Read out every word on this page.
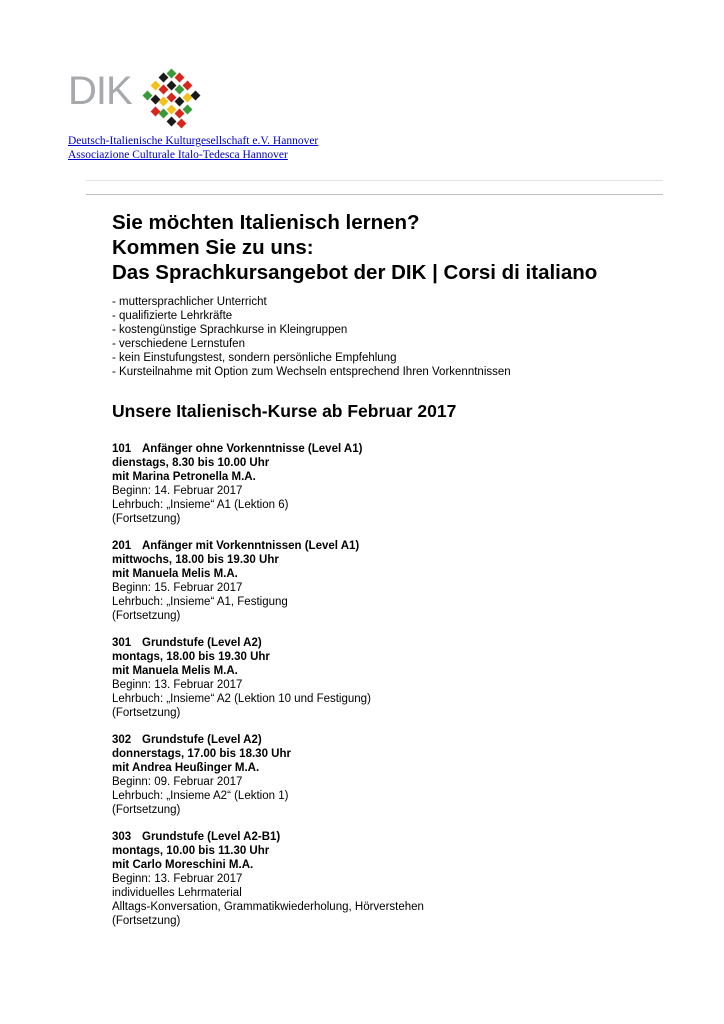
DIK
Deutsch-Italienische Kulturgesellschaft e.V. Hannover
Associazione Culturale Italo-Tedesca Hannover
Sie möchten Italienisch lernen?
Kommen Sie zu uns:
Das Sprachkursangebot der DIK | Corsi di italiano
- muttersprachlicher Unterricht
- qualifizierte Lehrkräfte
- kostengünstige Sprachkurse in Kleingruppen
- verschiedene Lernstufen
- kein Einstufungstest, sondern persönliche Empfehlung
- Kursteilnahme mit Option zum Wechseln entsprechend Ihren Vorkenntnissen
Unsere Italienisch-Kurse ab Februar 2017
101 Anfänger ohne Vorkenntnisse (Level A1)
dienstags, 8.30 bis 10.00 Uhr
mit Marina Petronella M.A.
Beginn: 14. Februar 2017
Lehrbuch: „Insieme“ A1 (Lektion 6)
(Fortsetzung)
201 Anfänger mit Vorkenntnissen (Level A1)
mittwochs, 18.00 bis 19.30 Uhr
mit Manuela Melis M.A.
Beginn: 15. Februar 2017
Lehrbuch: „Insieme“ A1, Festigung
(Fortsetzung)
301 Grundstufe (Level A2)
montags, 18.00 bis 19.30 Uhr
mit Manuela Melis M.A.
Beginn: 13. Februar 2017
Lehrbuch: „Insieme“ A2 (Lektion 10 und Festigung)
(Fortsetzung)
302 Grundstufe (Level A2)
donnerstags, 17.00 bis 18.30 Uhr
mit Andrea Heußinger M.A.
Beginn: 09. Februar 2017
Lehrbuch: „Insieme A2“ (Lektion 1)
(Fortsetzung)
303 Grundstufe (Level A2-B1)
montags, 10.00 bis 11.30 Uhr
mit Carlo Moreschini M.A.
Beginn: 13. Februar 2017
individuelles Lehrmaterial
Alltags-Konversation, Grammatikwiederholung, Hörverstehen
(Fortsetzung)
